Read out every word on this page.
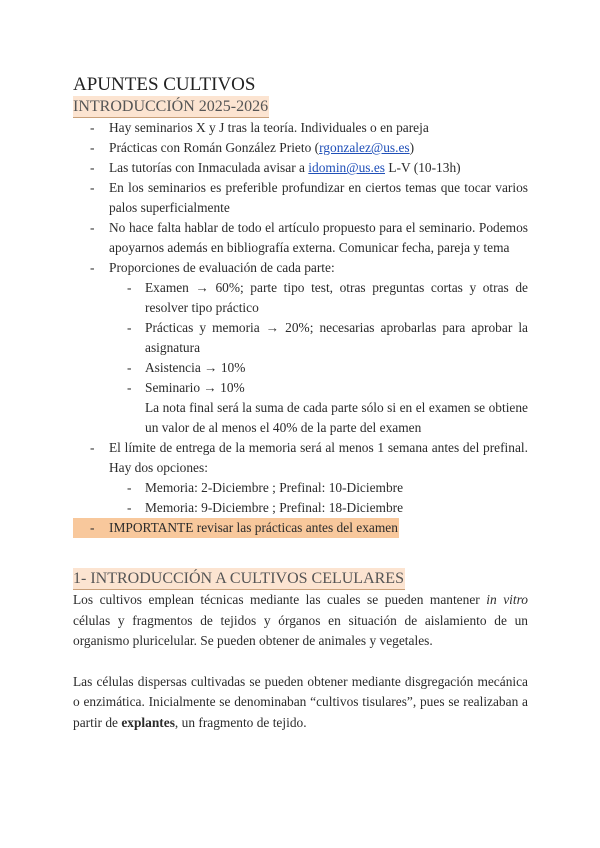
APUNTES CULTIVOS
INTRODUCCIÓN 2025-2026
- Hay seminarios X y J tras la teoría. Individuales o en pareja
- Prácticas con Román González Prieto (rgonzalez@us.es)
- Las tutorías con Inmaculada avisar a idomin@us.es L-V (10-13h)
- En los seminarios es preferible profundizar en ciertos temas que tocar varios palos superficialmente
- No hace falta hablar de todo el artículo propuesto para el seminario. Podemos apoyarnos además en bibliografía externa. Comunicar fecha, pareja y tema
- Proporciones de evaluación de cada parte:
- Examen → 60%; parte tipo test, otras preguntas cortas y otras de resolver tipo práctico
- Prácticas y memoria → 20%; necesarias aprobarlas para aprobar la asignatura
- Asistencia → 10%
- Seminario → 10%
La nota final será la suma de cada parte sólo si en el examen se obtiene un valor de al menos el 40% de la parte del examen
- El límite de entrega de la memoria será al menos 1 semana antes del prefinal. Hay dos opciones:
- Memoria: 2-Diciembre ; Prefinal: 10-Diciembre
- Memoria: 9-Diciembre ; Prefinal: 18-Diciembre
- IMPORTANTE revisar las prácticas antes del examen
1- INTRODUCCIÓN A CULTIVOS CELULARES

Los cultivos emplean técnicas mediante las cuales se pueden mantener in vitro células y fragmentos de tejidos y órganos en situación de aislamiento de un organismo pluricelular. Se pueden obtener de animales y vegetales.

Las células dispersas cultivadas se pueden obtener mediante disgregación mecánica o enzimática. Inicialmente se denominaban “cultivos tisulares”, pues se realizaban a partir de explantes, un fragmento de tejido.
